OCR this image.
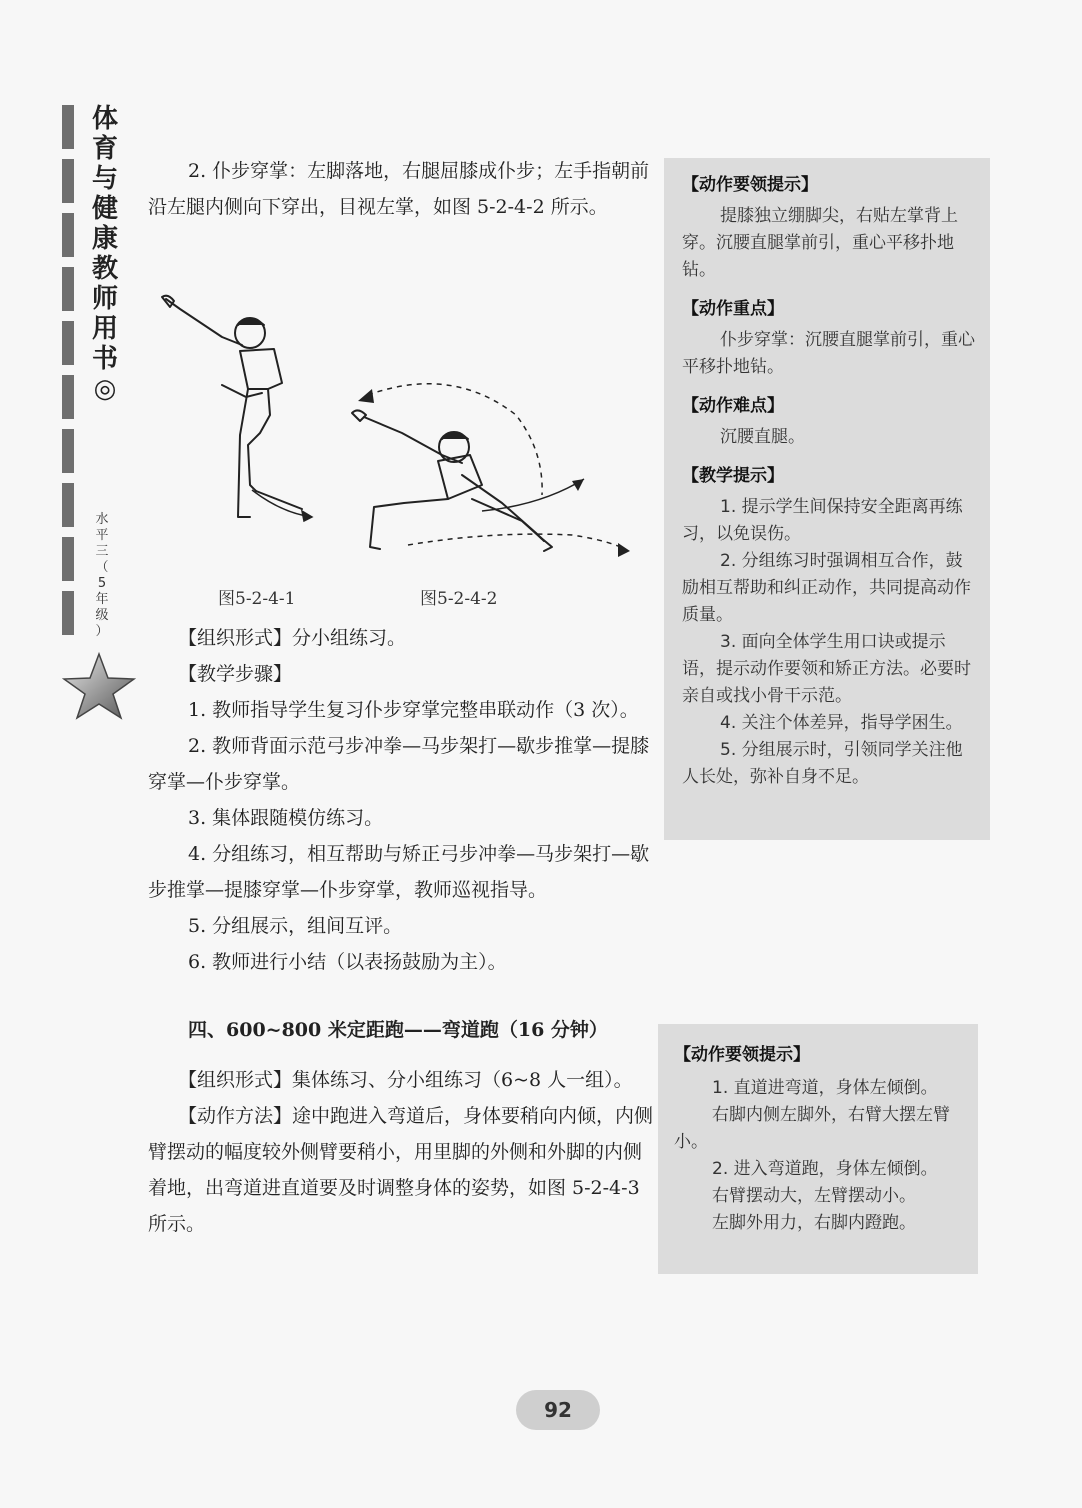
体
育
与
健
康
教
师
用
书
◎
水
平
三
（
5
年
级
）

2. 仆步穿掌：左脚落地，右腿屈膝成仆步；左手指朝前沿左腿内侧向下穿出，目视左掌，如图 5-2-4-2 所示。

图5-2-4-1	图5-2-4-2

【组织形式】分小组练习。

【教学步骤】

1. 教师指导学生复习仆步穿掌完整串联动作（3 次）。

2. 教师背面示范弓步冲拳—马步架打—歇步推掌—提膝穿掌—仆步穿掌。

3. 集体跟随模仿练习。

4. 分组练习，相互帮助与矫正弓步冲拳—马步架打—歇步推掌—提膝穿掌—仆步穿掌，教师巡视指导。

5. 分组展示，组间互评。

6. 教师进行小结（以表扬鼓励为主）。

四、600~800 米定距跑——弯道跑（16 分钟）

【组织形式】集体练习、分小组练习（6~8 人一组）。

【动作方法】途中跑进入弯道后，身体要稍向内倾，内侧臂摆动的幅度较外侧臂要稍小，用里脚的外侧和外脚的内侧着地，出弯道进直道要及时调整身体的姿势，如图 5-2-4-3 所示。

【动作要领提示】

提膝独立绷脚尖，右贴左掌背上穿。沉腰直腿掌前引，重心平移扑地钻。

【动作重点】

仆步穿掌：沉腰直腿掌前引，重心平移扑地钻。

【动作难点】

沉腰直腿。

【教学提示】

1. 提示学生间保持安全距离再练习，以免误伤。

2. 分组练习时强调相互合作，鼓励相互帮助和纠正动作，共同提高动作质量。

3. 面向全体学生用口诀或提示语，提示动作要领和矫正方法。必要时亲自或找小骨干示范。

4. 关注个体差异，指导学困生。

5. 分组展示时，引领同学关注他人长处，弥补自身不足。

【动作要领提示】

1. 直道进弯道，身体左倾倒。

右脚内侧左脚外，右臂大摆左臂小。

2. 进入弯道跑，身体左倾倒。

右臂摆动大，左臂摆动小。

左脚外用力，右脚内蹬跑。

92
